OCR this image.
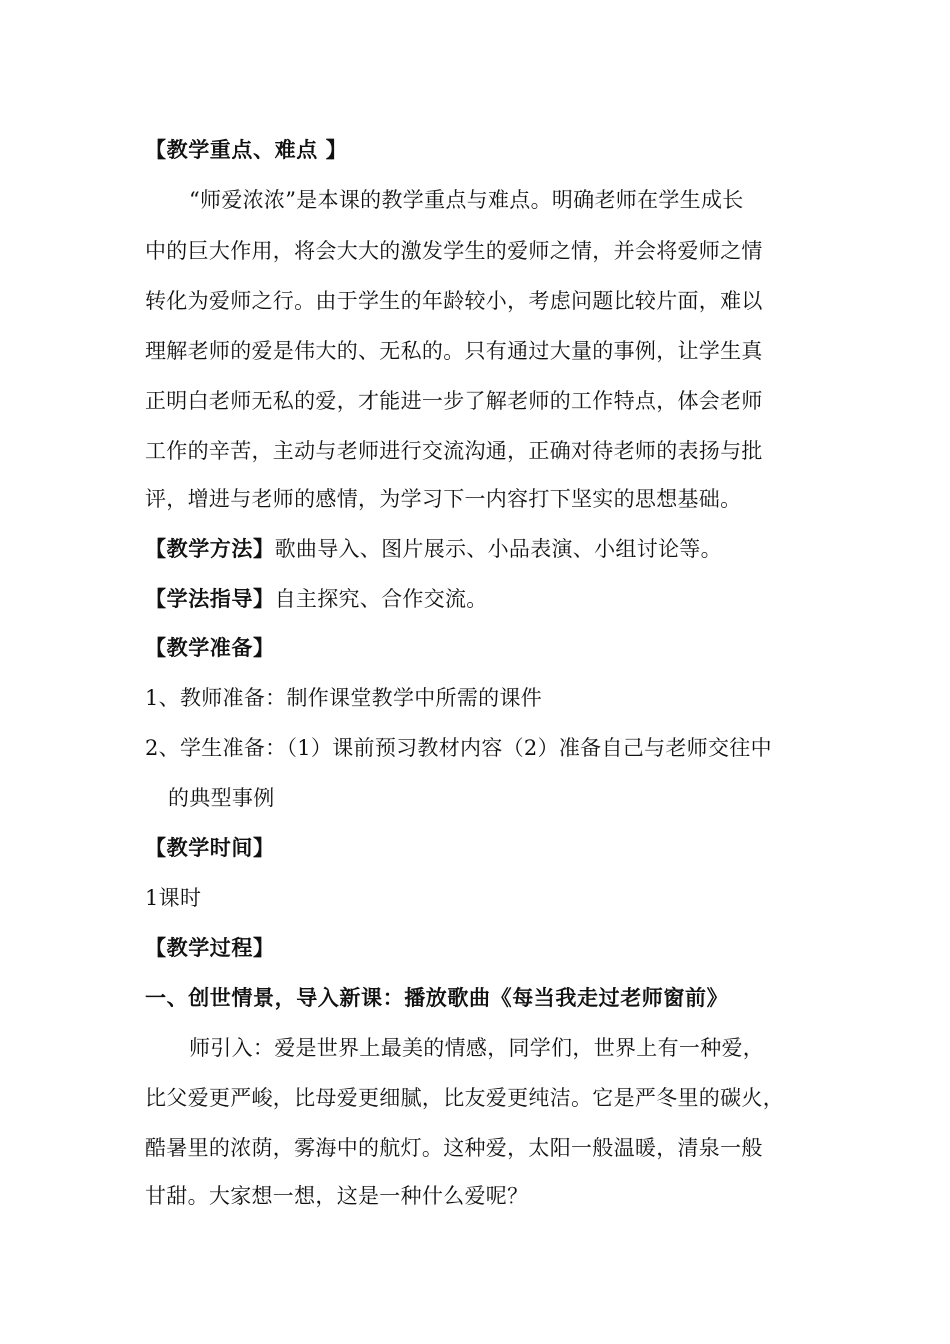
【教学重点、难点 】
“师爱浓浓”是本课的教学重点与难点。明确老师在学生成长
中的巨大作用，将会大大的激发学生的爱师之情，并会将爱师之情
转化为爱师之行。由于学生的年龄较小，考虑问题比较片面，难以
理解老师的爱是伟大的、无私的。只有通过大量的事例，让学生真
正明白老师无私的爱，才能进一步了解老师的工作特点，体会老师
工作的辛苦，主动与老师进行交流沟通，正确对待老师的表扬与批
评，增进与老师的感情，为学习下一内容打下坚实的思想基础。
【教学方法】歌曲导入、图片展示、小品表演、小组讨论等。
【学法指导】自主探究、合作交流。
【教学准备】
1、教师准备：制作课堂教学中所需的课件
2、学生准备：（1）课前预习教材内容（2）准备自己与老师交往中
的典型事例
【教学时间】
1课时
【教学过程】
一、创世情景，导入新课：播放歌曲《每当我走过老师窗前》
师引入：爱是世界上最美的情感，同学们，世界上有一种爱，
比父爱更严峻，比母爱更细腻，比友爱更纯洁。它是严冬里的碳火，
酷暑里的浓荫，雾海中的航灯。这种爱，太阳一般温暖，清泉一般
甘甜。大家想一想，这是一种什么爱呢？
